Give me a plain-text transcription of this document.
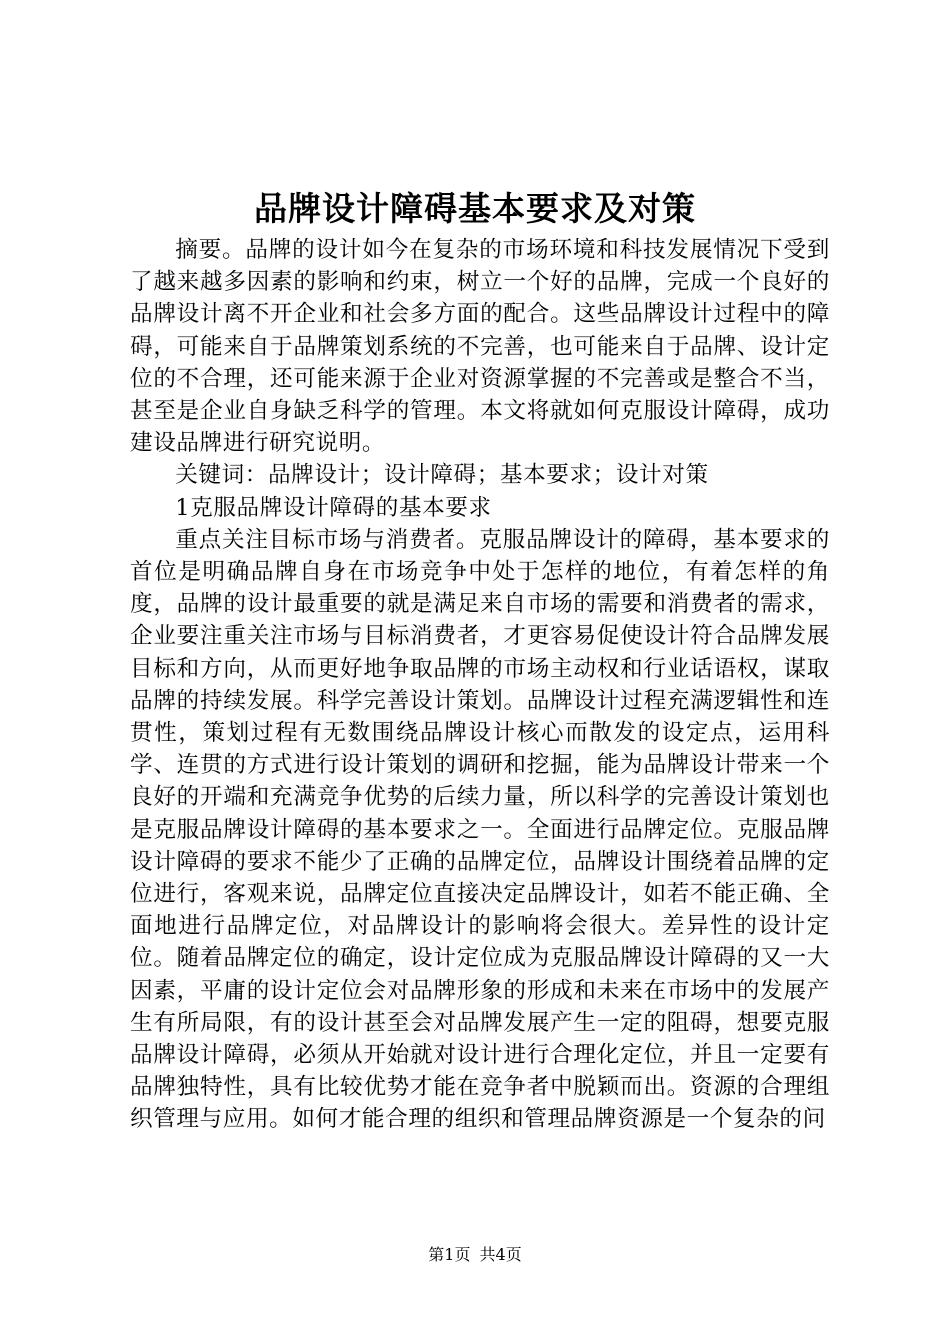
品牌设计障碍基本要求及对策

摘要。品牌的设计如今在复杂的市场环境和科技发展情况下受到了越来越多因素的影响和约束，树立一个好的品牌，完成一个良好的品牌设计离不开企业和社会多方面的配合。这些品牌设计过程中的障碍，可能来自于品牌策划系统的不完善，也可能来自于品牌、设计定位的不合理，还可能来源于企业对资源掌握的不完善或是整合不当，甚至是企业自身缺乏科学的管理。本文将就如何克服设计障碍，成功建设品牌进行研究说明。

关键词：品牌设计；设计障碍；基本要求；设计对策

1克服品牌设计障碍的基本要求

重点关注目标市场与消费者。克服品牌设计的障碍，基本要求的首位是明确品牌自身在市场竞争中处于怎样的地位，有着怎样的角度，品牌的设计最重要的就是满足来自市场的需要和消费者的需求，企业要注重关注市场与目标消费者，才更容易促使设计符合品牌发展目标和方向，从而更好地争取品牌的市场主动权和行业话语权，谋取品牌的持续发展。科学完善设计策划。品牌设计过程充满逻辑性和连贯性，策划过程有无数围绕品牌设计核心而散发的设定点，运用科学、连贯的方式进行设计策划的调研和挖掘，能为品牌设计带来一个良好的开端和充满竞争优势的后续力量，所以科学的完善设计策划也是克服品牌设计障碍的基本要求之一。全面进行品牌定位。克服品牌设计障碍的要求不能少了正确的品牌定位，品牌设计围绕着品牌的定位进行，客观来说，品牌定位直接决定品牌设计，如若不能正确、全面地进行品牌定位，对品牌设计的影响将会很大。差异性的设计定位。随着品牌定位的确定，设计定位成为克服品牌设计障碍的又一大因素，平庸的设计定位会对品牌形象的形成和未来在市场中的发展产生有所局限，有的设计甚至会对品牌发展产生一定的阻碍，想要克服品牌设计障碍，必须从开始就对设计进行合理化定位，并且一定要有品牌独特性，具有比较优势才能在竞争者中脱颖而出。资源的合理组织管理与应用。如何才能合理的组织和管理品牌资源是一个复杂的问

第1页 共4页
